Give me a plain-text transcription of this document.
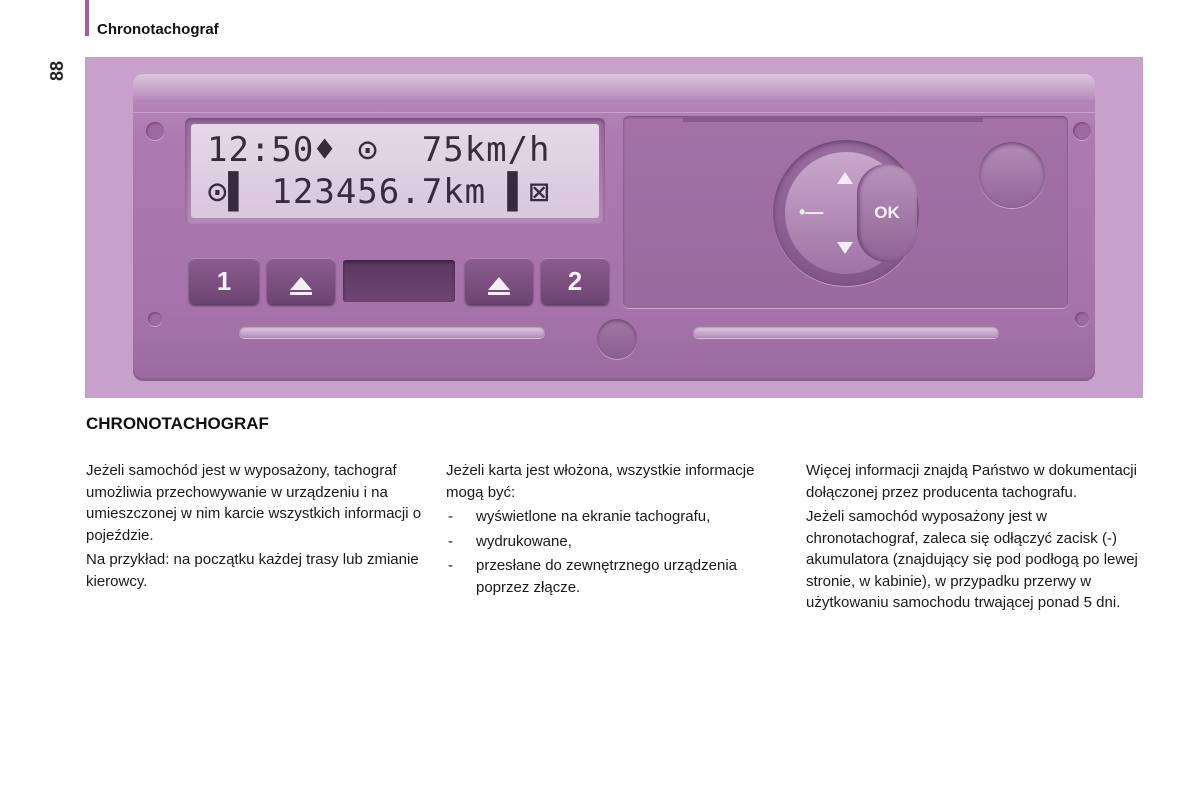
Chronotachograf
88
12:50♦ ⊙  75km/h
⊙▌ 123456.7km ▌⊠
1	2
•—	OK
CHRONOTACHOGRAF

Jeżeli samochód jest w wyposażony, tachograf umożliwia przechowywanie w urządzeniu i na umieszczonej w nim karcie wszystkich informacji o pojeździe.

Na przykład: na początku każdej trasy lub zmianie kierowcy.

Jeżeli karta jest włożona, wszystkie informacje mogą być:

- wyświetlone na ekranie tachografu,
- wydrukowane,
- przesłane do zewnętrznego urządzenia poprzez złącze.

Więcej informacji znajdą Państwo w dokumentacji dołączonej przez producenta tachografu.

Jeżeli samochód wyposażony jest w chronotachograf, zaleca się odłączyć zacisk (-) akumulatora (znajdujący się pod podłogą po lewej stronie, w kabinie), w przypadku przerwy w użytkowaniu samochodu trwającej ponad 5 dni.
